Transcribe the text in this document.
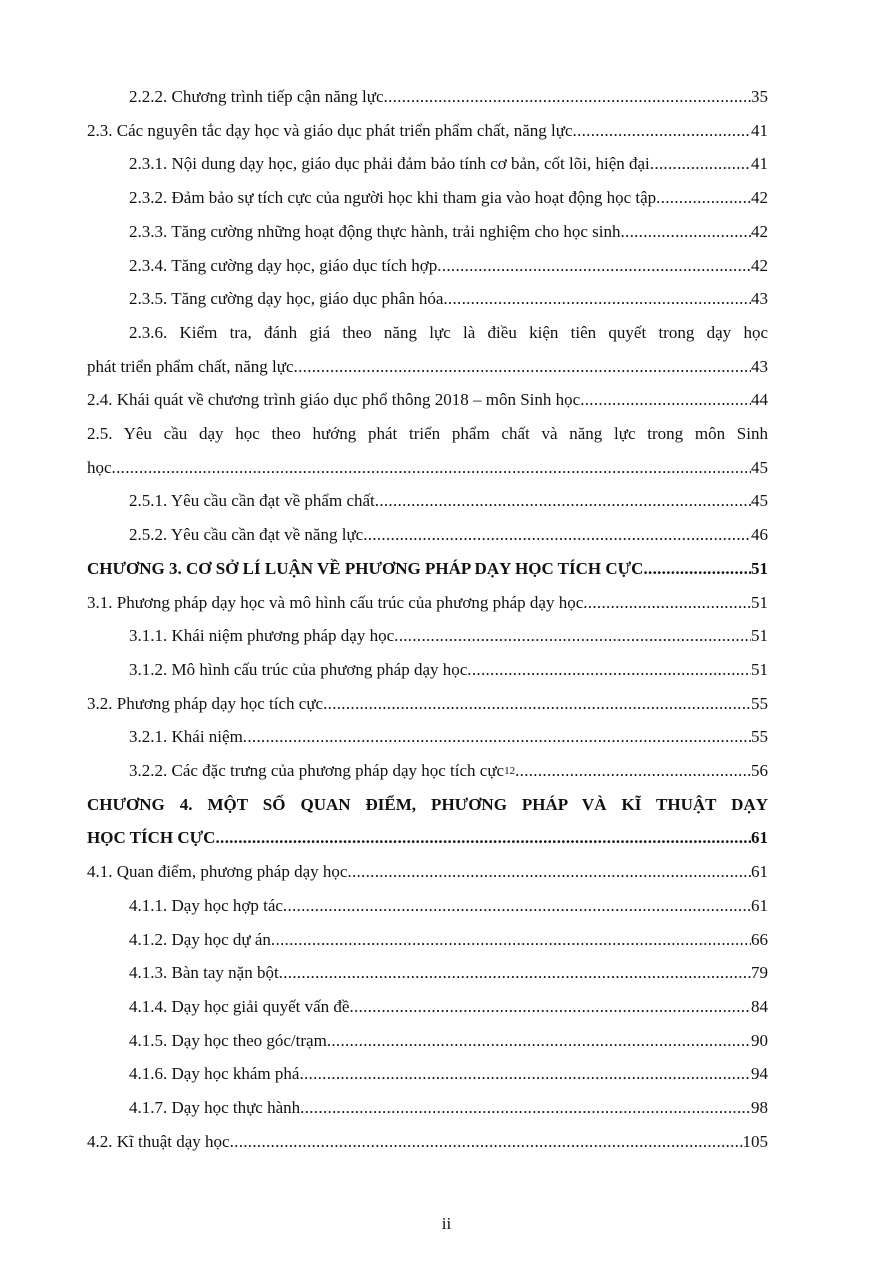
2.2.2. Chương trình tiếp cận năng lực .....	35
2.3. Các nguyên tắc dạy học và giáo dục phát triển phẩm chất, năng lực .....	41
2.3.1. Nội dung dạy học, giáo dục phải đảm bảo tính cơ bản, cốt lõi, hiện đại .....	41
2.3.2. Đảm bảo sự tích cực của người học khi tham gia vào hoạt động học tập .....	42
2.3.3. Tăng cường những hoạt động thực hành, trải nghiệm cho học sinh .....	42
2.3.4. Tăng cường dạy học, giáo dục tích hợp .....	42
2.3.5. Tăng cường dạy học, giáo dục phân hóa .....	43
2.3.6. Kiểm tra, đánh giá theo năng lực là điều kiện tiên quyết trong dạy học
phát triển phẩm chất, năng lực .....	43
2.4. Khái quát về chương trình giáo dục phổ thông 2018 – môn Sinh học .....	44
2.5. Yêu cầu dạy học theo hướng phát triển phẩm chất và năng lực trong môn Sinh
học .....	45
2.5.1. Yêu cầu cần đạt về phẩm chất .....	45
2.5.2. Yêu cầu cần đạt về năng lực .....	46
CHƯƠNG 3. CƠ SỞ LÍ LUẬN VỀ PHƯƠNG PHÁP DẠY HỌC TÍCH CỰC .....	51
3.1. Phương pháp dạy học và mô hình cấu trúc của phương pháp dạy học .....	51
3.1.1. Khái niệm phương pháp dạy học .....	51
3.1.2. Mô hình cấu trúc của phương pháp dạy học .....	51
3.2. Phương pháp dạy học tích cực .....	55
3.2.1. Khái niệm .....	55
3.2.2. Các đặc trưng của phương pháp dạy học tích cực$^{12}$ .....	56
CHƯƠNG 4. MỘT SỐ QUAN ĐIỂM, PHƯƠNG PHÁP VÀ KĨ THUẬT DẠY
HỌC TÍCH CỰC .....	61
4.1. Quan điểm, phương pháp dạy học .....	61
4.1.1. Dạy học hợp tác .....	61
4.1.2. Dạy học dự án .....	66
4.1.3. Bàn tay nặn bột .....	79
4.1.4. Dạy học giải quyết vấn đề .....	84
4.1.5. Dạy học theo góc/trạm .....	90
4.1.6. Dạy học khám phá .....	94
4.1.7. Dạy học thực hành .....	98
4.2. Kĩ thuật dạy học .....	105
ii
